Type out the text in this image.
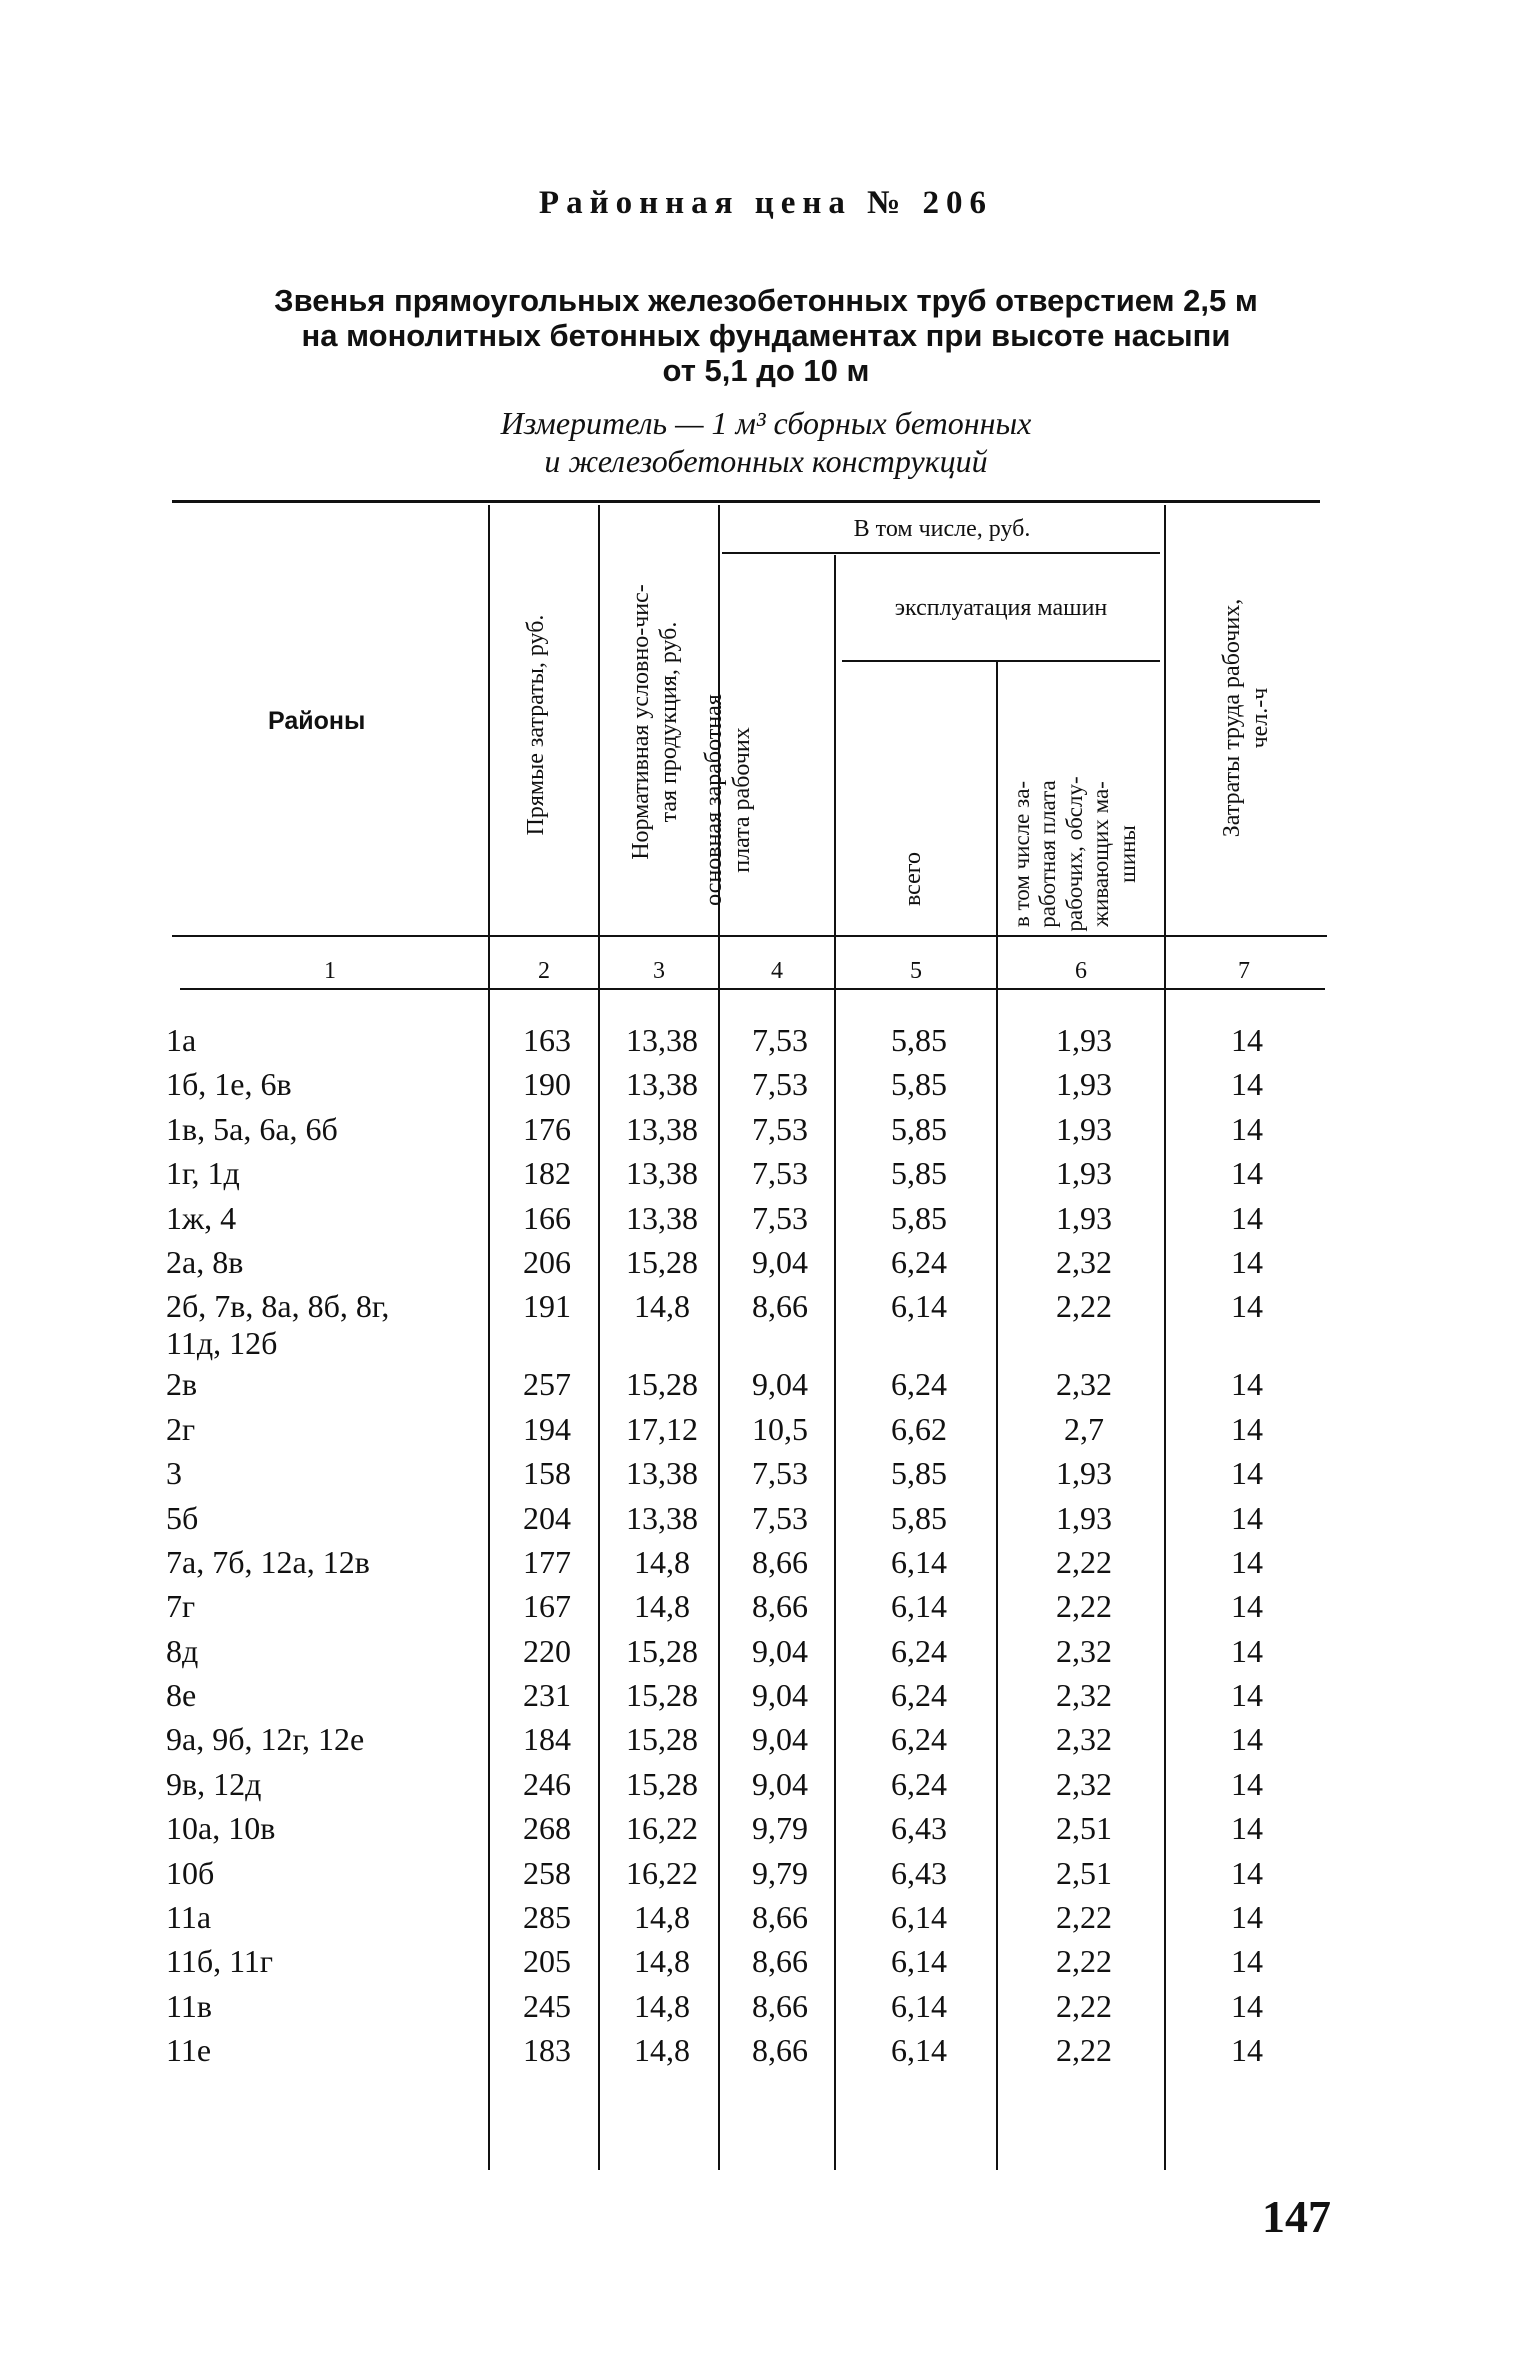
Районная цена № 206
Звенья прямоугольных железобетонных труб отверстием 2,5 м
на монолитных бетонных фундаментах при высоте насыпи
от 5,1 до 10 м
Измеритель — 1 м³ сборных бетонных
и железобетонных конструкций
Районы	Прямые затраты, руб.	Нормативная условно-чис- тая продукция, руб.
В том числе, руб.
основная заработная плата рабочих
эксплуатация машин
всего	в том числе за- работная плата рабочих, обслу- живающих ма- шины
Затраты труда рабочих, чел.-ч
1	2	3	4	5	6	7
1а	163	13,38	7,53	5,85	1,93	14
1б, 1е, 6в	190	13,38	7,53	5,85	1,93	14
1в, 5а, 6а, 6б	176	13,38	7,53	5,85	1,93	14
1г, 1д	182	13,38	7,53	5,85	1,93	14
1ж, 4	166	13,38	7,53	5,85	1,93	14
2а, 8в	206	15,28	9,04	6,24	2,32	14

2б, 7в, 8а, 8б, 8г,
11д, 12б	191	14,8	8,66	6,14	2,22	14
2в	257	15,28	9,04	6,24	2,32	14
2г	194	17,12	10,5	6,62	2,7	14
3	158	13,38	7,53	5,85	1,93	14
5б	204	13,38	7,53	5,85	1,93	14
7а, 7б, 12а, 12в	177	14,8	8,66	6,14	2,22	14
7г	167	14,8	8,66	6,14	2,22	14
8д	220	15,28	9,04	6,24	2,32	14
8е	231	15,28	9,04	6,24	2,32	14
9а, 9б, 12г, 12е	184	15,28	9,04	6,24	2,32	14
9в, 12д	246	15,28	9,04	6,24	2,32	14
10а, 10в	268	16,22	9,79	6,43	2,51	14
10б	258	16,22	9,79	6,43	2,51	14
11а	285	14,8	8,66	6,14	2,22	14
11б, 11г	205	14,8	8,66	6,14	2,22	14
11в	245	14,8	8,66	6,14	2,22	14
11е	183	14,8	8,66	6,14	2,22	14
147
